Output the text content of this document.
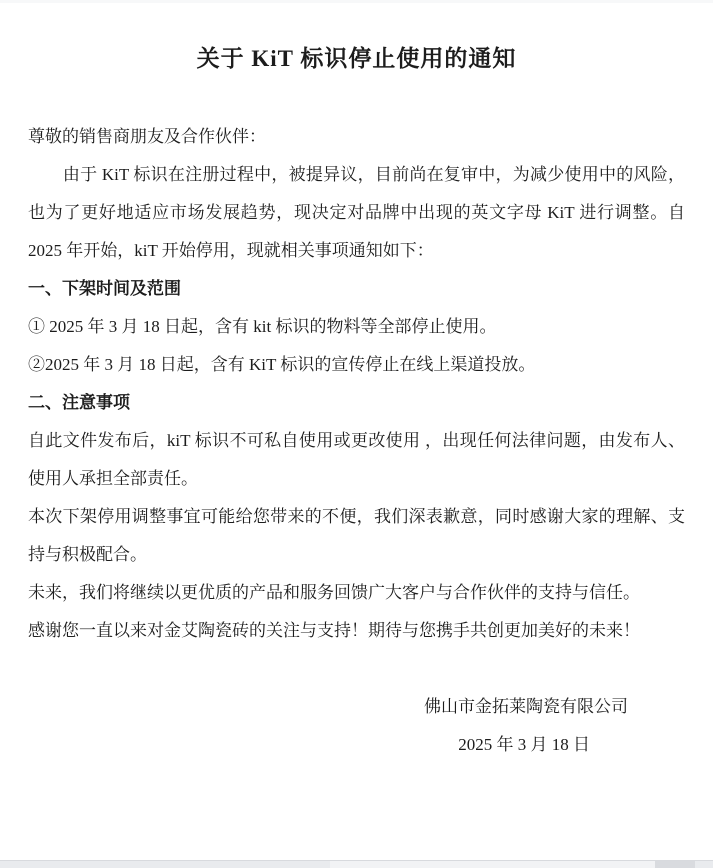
关于 KiT 标识停止使用的通知
尊敬的销售商朋友及合作伙伴：
由于 KiT 标识在注册过程中，被提异议，目前尚在复审中，为减少使用中的风险，也为了更好地适应市场发展趋势，现决定对品牌中出现的英文字母 KiT 进行调整。自 2025 年开始，kiT 开始停用，现就相关事项通知如下：
一、下架时间及范围
① 2025 年 3 月 18 日起，含有 kit 标识的物料等全部停止使用。
②2025 年 3 月 18 日起，含有 KiT 标识的宣传停止在线上渠道投放。
二、注意事项
自此文件发布后，kiT 标识不可私自使用或更改使用 ，出现任何法律问题，由发布人、使用人承担全部责任。
本次下架停用调整事宜可能给您带来的不便，我们深表歉意，同时感谢大家的理解、支持与积极配合。
未来，我们将继续以更优质的产品和服务回馈广大客户与合作伙伴的支持与信任。
感谢您一直以来对金艾陶瓷砖的关注与支持！期待与您携手共创更加美好的未来！
佛山市金拓莱陶瓷有限公司
2025 年 3 月 18 日
